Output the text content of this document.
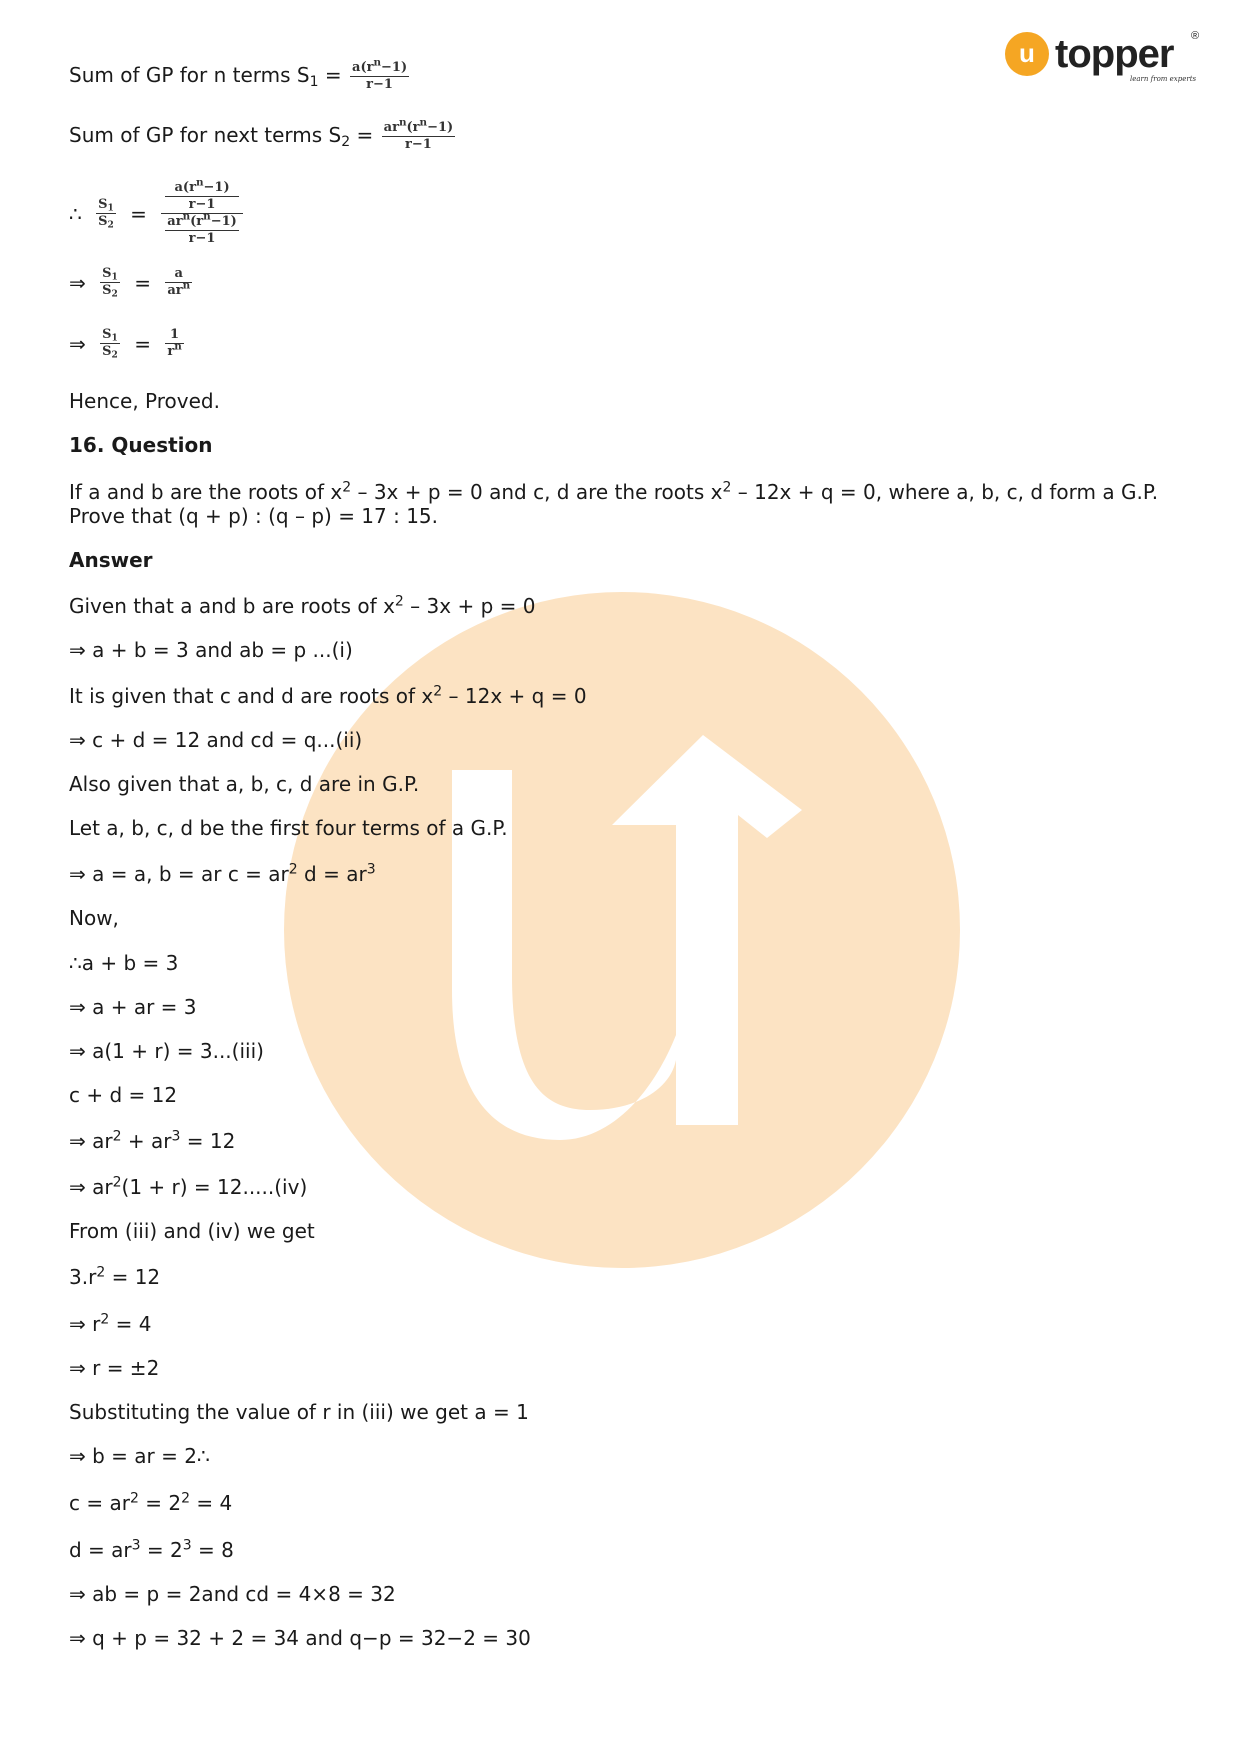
u topper ®
learn from experts
Sum of GP for n terms $S_1 = \frac{a(r^n-1)}{r-1}$
Sum of GP for next terms $S_2 = \frac{ar^n(r^n-1)}{r-1}$
∴ $\frac{S_1}{S_2} = a(r^n-1)$
r−1
$ar^n(r^n-1)$
r−1
⇒ $\frac{S_1}{S_2} = \frac{a}{ar^n}$
⇒ $\frac{S_1}{S_2} = \frac{1}{r^n}$
Hence, Proved.
16. Question
If a and b are the roots of $x^2 - 3x + p = 0$ and c, d are the roots $x^2 - 12x + q = 0$, where a, b, c, d form a G.P. Prove that (q + p) : (q – p) = 17 : 15.
Answer
Given that a and b are roots of $x^2 - 3x + p = 0$
⇒ a + b = 3 and ab = p ...(i)
It is given that c and d are roots of $x^2 - 12x + q = 0$
⇒ c + d = 12 and cd = q...(ii)
Also given that a, b, c, d are in G.P.
Let a, b, c, d be the first four terms of a G.P.
⇒ a = a, b = ar $c = ar^2$ $d = ar^3$
Now,
∴a + b = 3
⇒ a + ar = 3
⇒ a(1 + r) = 3...(iii)
c + d = 12
⇒ $ar^2 + ar^3 = 12$
⇒ $ar^2(1 + r) = 12.....(iv)$
From (iii) and (iv) we get
$3.r^2 = 12$
⇒ $r^2 = 4$
⇒ r = ±2
Substituting the value of r in (iii) we get a = 1
⇒ b = ar = 2∴
$c = ar^2 = 2^2 = 4$
$d = ar^3 = 2^3 = 8$
⇒ ab = p = 2and cd = 4×8 = 32
⇒ q + p = 32 + 2 = 34 and q−p = 32−2 = 30
